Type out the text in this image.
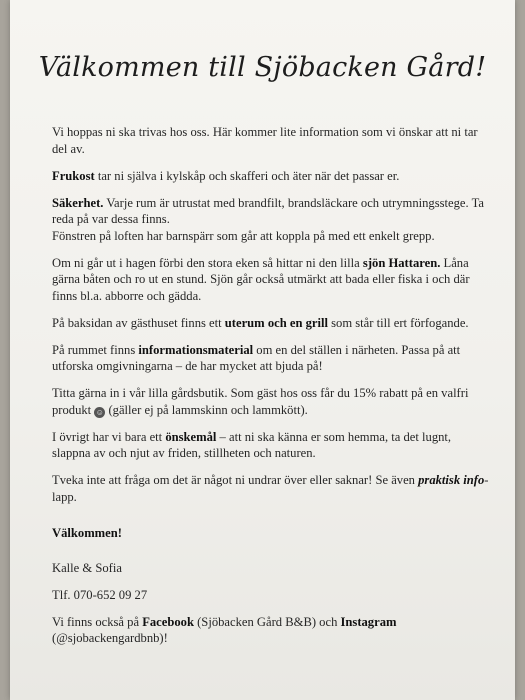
Välkommen till Sjöbacken Gård!

Vi hoppas ni ska trivas hos oss. Här kommer lite information som vi önskar att ni tar del av.

Frukost tar ni själva i kylskåp och skafferi och äter när det passar er.

Säkerhet. Varje rum är utrustat med brandfilt, brandsläckare och utrymningsstege. Ta reda på var dessa finns.
Fönstren på loften har barnspärr som går att koppla på med ett enkelt grepp.

Om ni går ut i hagen förbi den stora eken så hittar ni den lilla sjön Hattaren. Låna gärna båten och ro ut en stund. Sjön går också utmärkt att bada eller fiska i och där finns bl.a. abborre och gädda.

På baksidan av gästhuset finns ett uterum och en grill som står till ert förfogande.

På rummet finns informationsmaterial om en del ställen i närheten. Passa på att utforska omgivningarna – de har mycket att bjuda på!

Titta gärna in i vår lilla gårdsbutik. Som gäst hos oss får du 15% rabatt på en valfri produkt ☺ (gäller ej på lammskinn och lammkött).

I övrigt har vi bara ett önskemål – att ni ska känna er som hemma, ta det lugnt, slappna av och njut av friden, stillheten och naturen.

Tveka inte att fråga om det är något ni undrar över eller saknar! Se även praktisk info-lapp.

Välkommen!

Kalle & Sofia

Tlf. 070-652 09 27

Vi finns också på Facebook (Sjöbacken Gård B&B) och Instagram (@sjobackengardbnb)!
